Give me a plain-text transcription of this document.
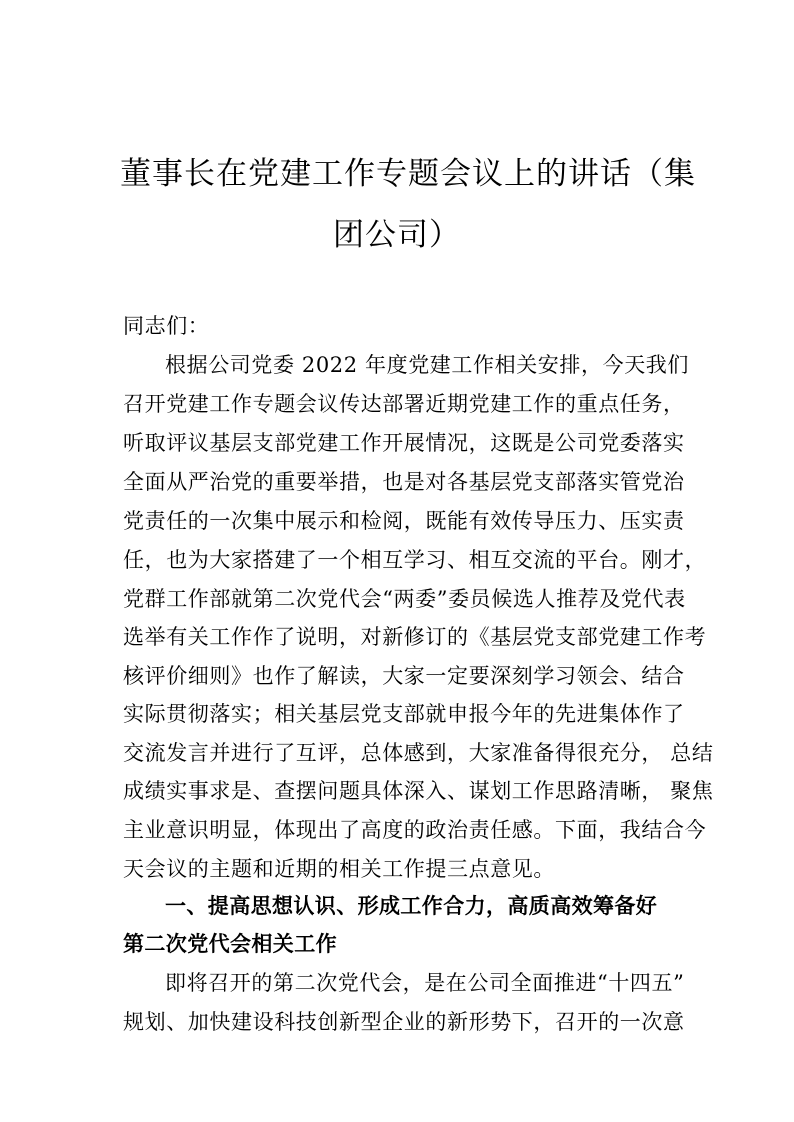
董事长在党建工作专题会议上的讲话（集
团公司）
同志们：
根据公司党委 2022 年度党建工作相关安排，今天我们
召开党建工作专题会议传达部署近期党建工作的重点任务，
听取评议基层支部党建工作开展情况，这既是公司党委落实
全面从严治党的重要举措，也是对各基层党支部落实管党治
党责任的一次集中展示和检阅，既能有效传导压力、压实责
任，也为大家搭建了一个相互学习、相互交流的平台。刚才，
党群工作部就第二次党代会“两委”委员候选人推荐及党代表
选举有关工作作了说明，对新修订的《基层党支部党建工作考
核评价细则》也作了解读，大家一定要深刻学习领会、结合
实际贯彻落实；相关基层党支部就申报今年的先进集体作了
交流发言并进行了互评，总体感到，大家准备得很充分， 总结
成绩实事求是、查摆问题具体深入、谋划工作思路清晰， 聚焦
主业意识明显，体现出了高度的政治责任感。下面，我结合今
天会议的主题和近期的相关工作提三点意见。
一、提高思想认识、形成工作合力，高质高效筹备好
第二次党代会相关工作
即将召开的第二次党代会，是在公司全面推进“十四五”
规划、加快建设科技创新型企业的新形势下，召开的一次意
